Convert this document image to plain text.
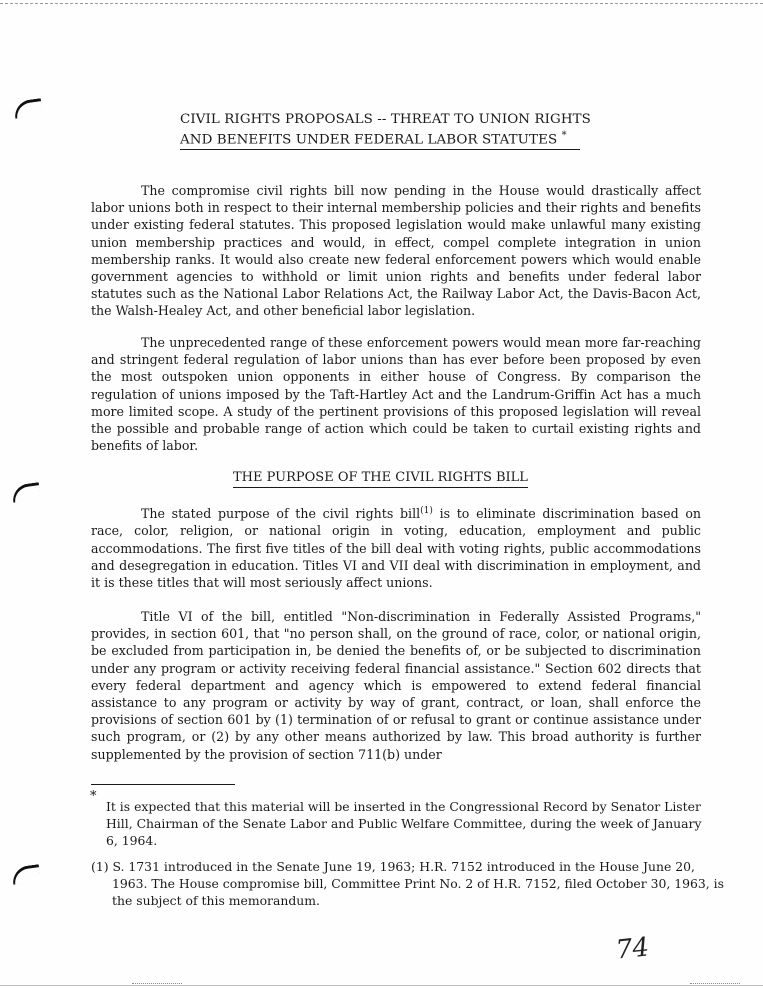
CIVIL RIGHTS PROPOSALS -- THREAT TO UNION RIGHTS
AND BENEFITS UNDER FEDERAL LABOR STATUTES *

The compromise civil rights bill now pending in the House would drastically affect labor unions both in respect to their internal membership policies and their rights and benefits under existing federal statutes. This proposed legislation would make unlawful many existing union membership practices and would, in effect, compel complete integration in union membership ranks. It would also create new federal enforcement powers which would enable government agencies to withhold or limit union rights and benefits under federal labor statutes such as the National Labor Relations Act, the Railway Labor Act, the Davis-Bacon Act, the Walsh-Healey Act, and other beneficial labor legislation.

The unprecedented range of these enforcement powers would mean more far-reaching and stringent federal regulation of labor unions than has ever before been proposed by even the most outspoken union opponents in either house of Congress. By comparison the regulation of unions imposed by the Taft-Hartley Act and the Landrum-Griffin Act has a much more limited scope. A study of the pertinent provisions of this proposed legislation will reveal the possible and probable range of action which could be taken to curtail existing rights and benefits of labor.

THE PURPOSE OF THE CIVIL RIGHTS BILL

The stated purpose of the civil rights bill$^{(1)}$ is to eliminate discrimination based on race, color, religion, or national origin in voting, education, employment and public accommodations. The first five titles of the bill deal with voting rights, public accommodations and desegregation in education. Titles VI and VII deal with discrimination in employment, and it is these titles that will most seriously affect unions.

Title VI of the bill, entitled "Non-discrimination in Federally Assisted Programs," provides, in section 601, that "no person shall, on the ground of race, color, or national origin, be excluded from participation in, be denied the benefits of, or be subjected to discrimination under any program or activity receiving federal financial assistance." Section 602 directs that every federal department and agency which is empowered to extend federal financial assistance to any program or activity by way of grant, contract, or loan, shall enforce the provisions of section 601 by (1) termination of or refusal to grant or continue assistance under such program, or (2) by any other means authorized by law. This broad authority is further supplemented by the provision of section 711(b) under

*

It is expected that this material will be inserted in the Congressional Record by Senator Lister Hill, Chairman of the Senate Labor and Public Welfare Committee, during the week of January 6, 1964.

(1) S. 1731 introduced in the Senate June 19, 1963; H.R. 7152 introduced in the House June 20, 1963. The House compromise bill, Committee Print No. 2 of H.R. 7152, filed October 30, 1963, is the subject of this memorandum.

74
